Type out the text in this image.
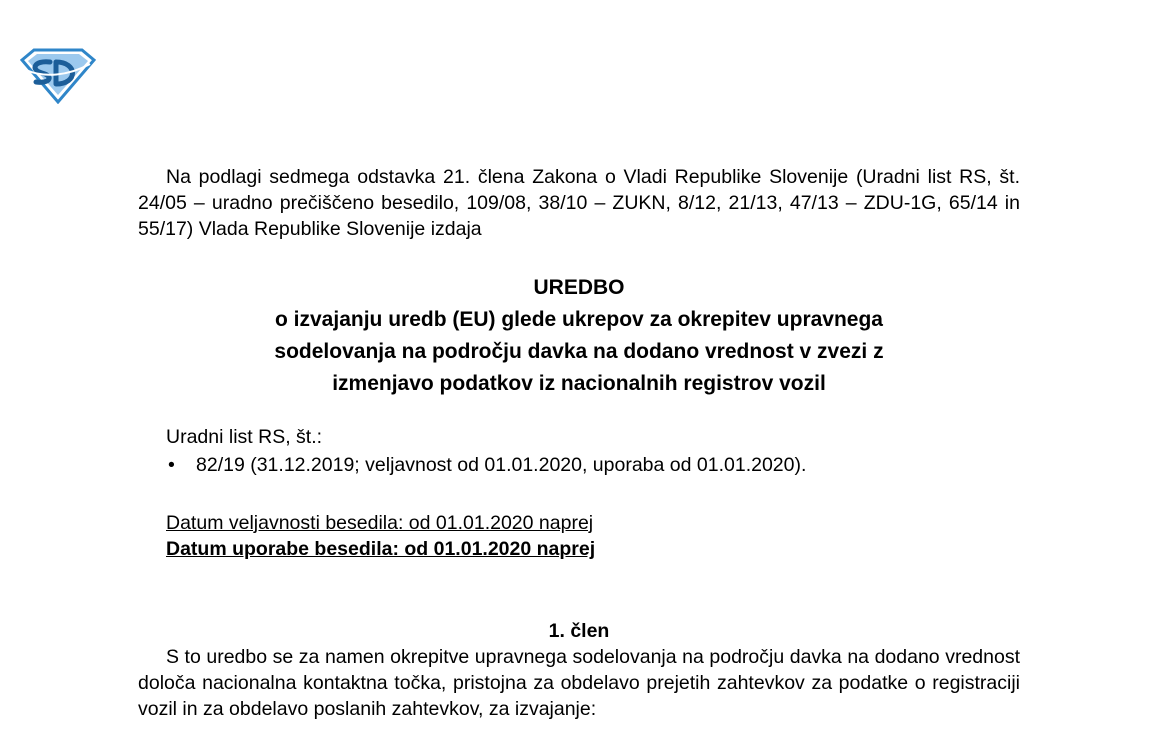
Na podlagi sedmega odstavka 21. člena Zakona o Vladi Republike Slovenije (Uradni list RS, št. 24/05 – uradno prečiščeno besedilo, 109/08, 38/10 – ZUKN, 8/12, 21/13, 47/13 – ZDU-1G, 65/14 in 55/17) Vlada Republike Slovenije izdaja

UREDBO
o izvajanju uredb (EU) glede ukrepov za okrepitev upravnega
sodelovanja na področju davka na dodano vrednost v zvezi z
izmenjavo podatkov iz nacionalnih registrov vozil
Uradni list RS, št.:
• 82/19 (31.12.2019; veljavnost od 01.01.2020, uporaba od 01.01.2020).
Datum veljavnosti besedila: od 01.01.2020 naprej
Datum uporabe besedila: od 01.01.2020 naprej
1. člen

S to uredbo se za namen okrepitve upravnega sodelovanja na področju davka na dodano vrednost določa nacionalna kontaktna točka, pristojna za obdelavo prejetih zahtevkov za podatke o registraciji vozil in za obdelavo poslanih zahtevkov, za izvajanje:
